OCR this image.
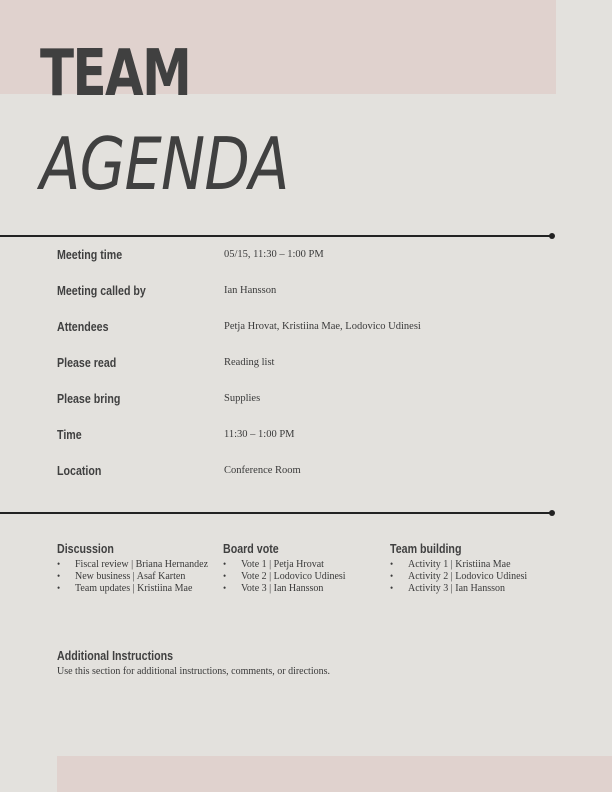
TEAM
AGENDA
Meeting time	05/15, 11:30 – 1:00 PM
Meeting called by	Ian Hansson
Attendees	Petja Hrovat, Kristiina Mae, Lodovico Udinesi
Please read	Reading list
Please bring	Supplies
Time	11:30 – 1:00 PM
Location	Conference Room
Discussion
• Fiscal review | Briana Hernandez
• New business | Asaf Karten
• Team updates | Kristiina Mae
Board vote
• Vote 1 | Petja Hrovat
• Vote 2 | Lodovico Udinesi
• Vote 3 | Ian Hansson
Team building
• Activity 1 | Kristiina Mae
• Activity 2 | Lodovico Udinesi
• Activity 3 | Ian Hansson
Additional Instructions
Use this section for additional instructions, comments, or directions.
